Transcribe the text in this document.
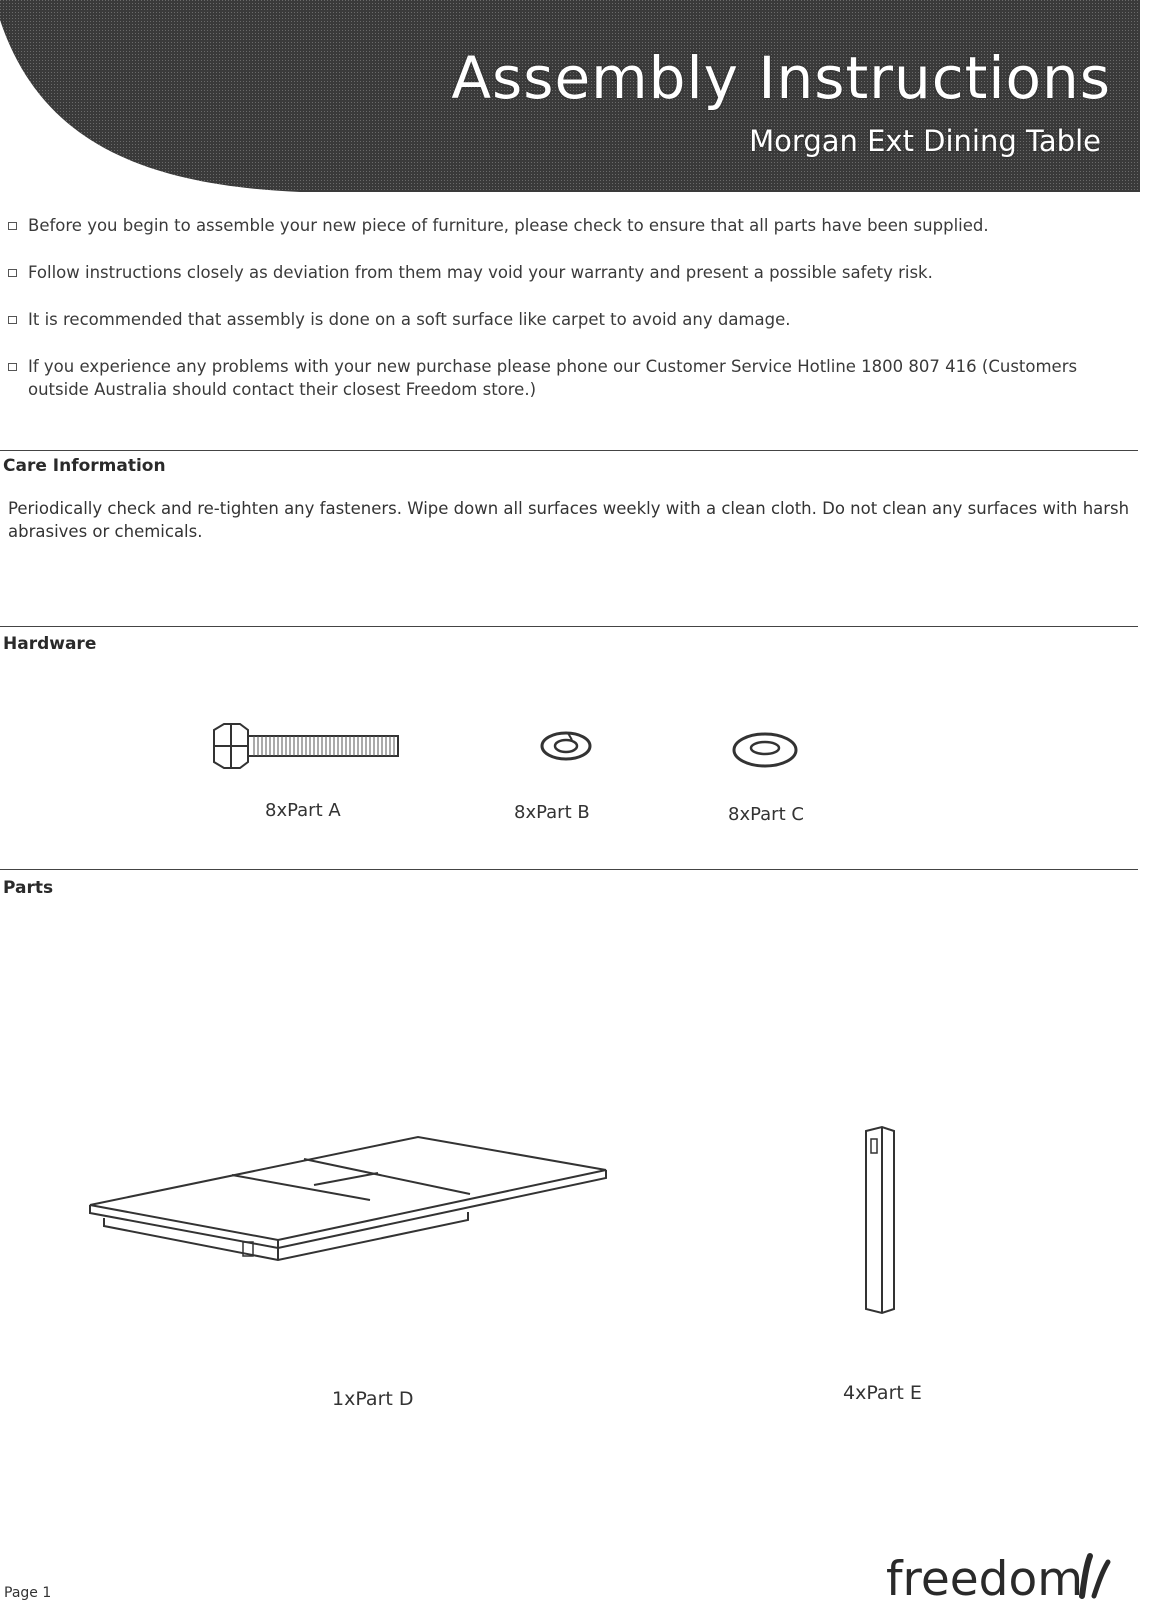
Assembly Instructions
Morgan Ext Dining Table
Before you begin to assemble your new piece of furniture, please check to ensure that all parts have been supplied.
Follow instructions closely as deviation from them may void your warranty and present a possible safety risk.
It is recommended that assembly is done on a soft surface like carpet to avoid any damage.
If you experience any problems with your new purchase please phone our Customer Service Hotline 1800 807 416 (Customers outside Australia should contact their closest Freedom store.)
Care Information
Periodically check and re-tighten any fasteners. Wipe down all surfaces weekly with a clean cloth. Do not clean any surfaces with harsh abrasives or chemicals.
Hardware
8xPart A	8xPart B	8xPart C
Parts
1xPart D	4xPart E
Page 1	freedom
